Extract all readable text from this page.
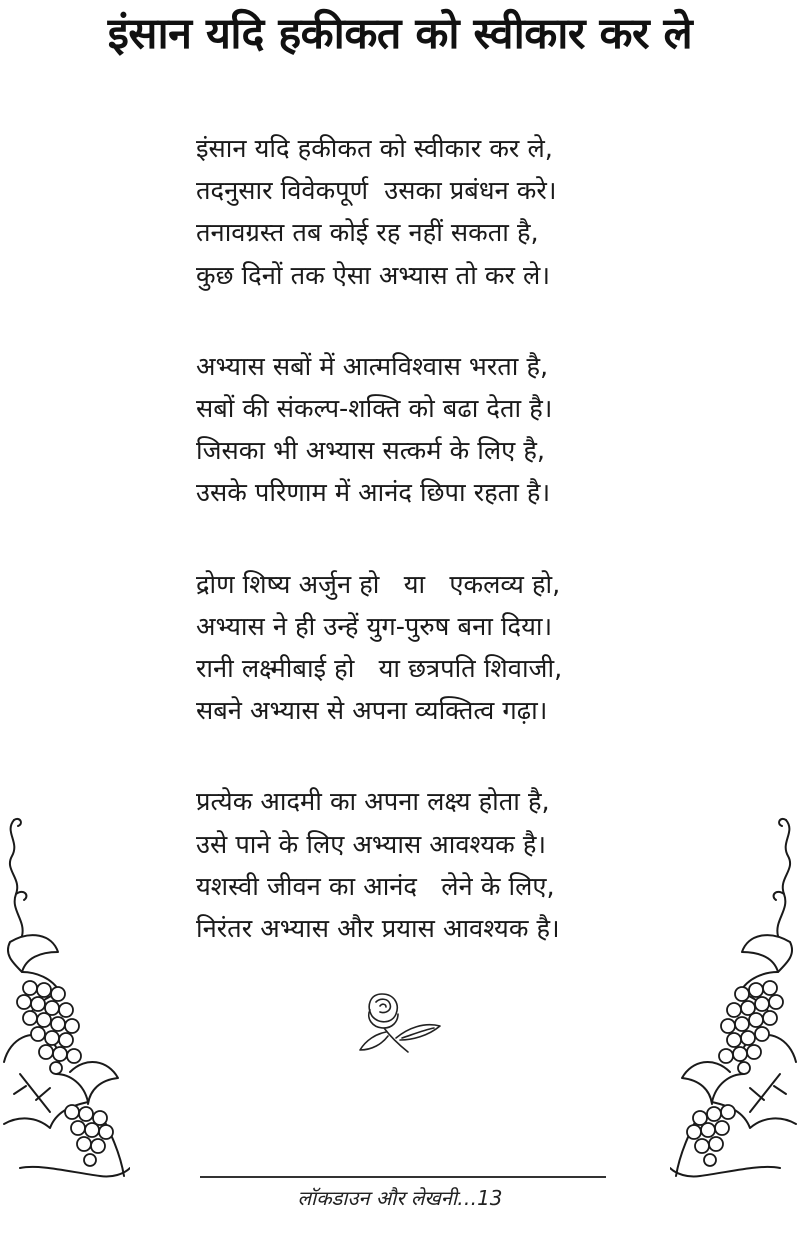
इंसान यदि हकीकत को स्वीकार कर ले
इंसान यदि हकीकत को स्वीकार कर ले,
तदनुसार विवेकपूर्ण  उसका प्रबंधन करे।
तनावग्रस्त तब कोई रह नहीं सकता है,
कुछ दिनों तक ऐसा अभ्यास तो कर ले।
अभ्यास सबों में आत्मविश्वास भरता है,
सबों की संकल्प-शक्ति को बढा देता है।
जिसका भी अभ्यास सत्कर्म के लिए है,
उसके परिणाम में आनंद छिपा रहता है।
द्रोण शिष्य अर्जुन हो   या   एकलव्य हो,
अभ्यास ने ही उन्हें युग-पुरुष बना दिया।
रानी लक्ष्मीबाई हो   या छत्रपति शिवाजी,
सबने अभ्यास से अपना व्यक्तित्व गढ़ा।
प्रत्येक आदमी का अपना लक्ष्य होता है,
उसे पाने के लिए अभ्यास आवश्यक है।
यशस्वी जीवन का आनंद   लेने के लिए,
निरंतर अभ्यास और प्रयास आवश्यक है।
लॉकडाउन और लेखनी…13
